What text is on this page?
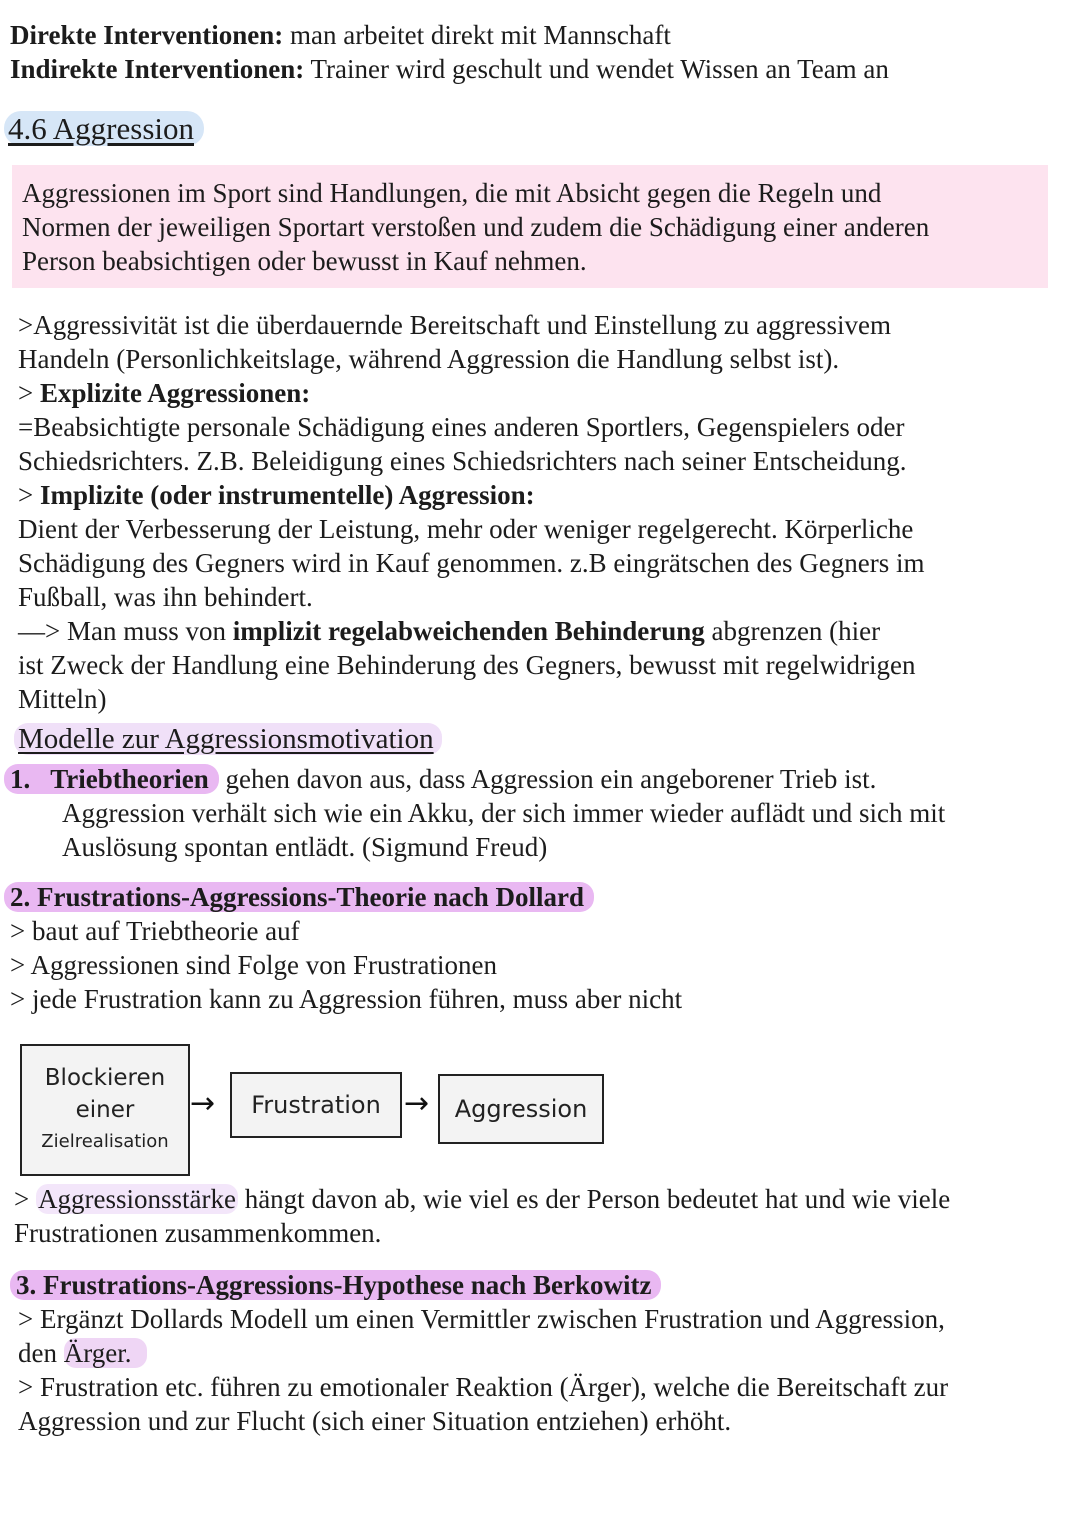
Direkte Interventionen: man arbeitet direkt mit Mannschaft
Indirekte Interventionen: Trainer wird geschult und wendet Wissen an Team an
4.6 Aggression
Aggressionen im Sport sind Handlungen, die mit Absicht gegen die Regeln und
Normen der jeweiligen Sportart verstoßen und zudem die Schädigung einer anderen
Person beabsichtigen oder bewusst in Kauf nehmen.
>Aggressivität ist die überdauernde Bereitschaft und Einstellung zu aggressivem
Handeln (Personlichkeitslage, während Aggression die Handlung selbst ist).
> Explizite Aggressionen:
=Beabsichtigte personale Schädigung eines anderen Sportlers, Gegenspielers oder
Schiedsrichters. Z.B. Beleidigung eines Schiedsrichters nach seiner Entscheidung.
> Implizite (oder instrumentelle) Aggression:
Dient der Verbesserung der Leistung, mehr oder weniger regelgerecht. Körperliche
Schädigung des Gegners wird in Kauf genommen. z.B eingrätschen des Gegners im
Fußball, was ihn behindert.
—> Man muss von implizit regelabweichenden Behinderung abgrenzen (hier
ist Zweck der Handlung eine Behinderung des Gegners, bewusst mit regelwidrigen
Mitteln)
Modelle zur Aggressionsmotivation
1. Triebtheorien gehen davon aus, dass Aggression ein angeborener Trieb ist.
Aggression verhält sich wie ein Akku, der sich immer wieder auflädt und sich mit
Auslösung spontan entlädt. (Sigmund Freud)
2. Frustrations-Aggressions-Theorie nach Dollard
> baut auf Triebtheorie auf
> Aggressionen sind Folge von Frustrationen
> jede Frustration kann zu Aggression führen, muss aber nicht
Blockieren
einer
Zielrealisation
→ Frustration → Aggression
> Aggressionsstärke hängt davon ab, wie viel es der Person bedeutet hat und wie viele
Frustrationen zusammenkommen.
3. Frustrations-Aggressions-Hypothese nach Berkowitz
> Ergänzt Dollards Modell um einen Vermittler zwischen Frustration und Aggression,
den Ärger.
> Frustration etc. führen zu emotionaler Reaktion (Ärger), welche die Bereitschaft zur
Aggression und zur Flucht (sich einer Situation entziehen) erhöht.
